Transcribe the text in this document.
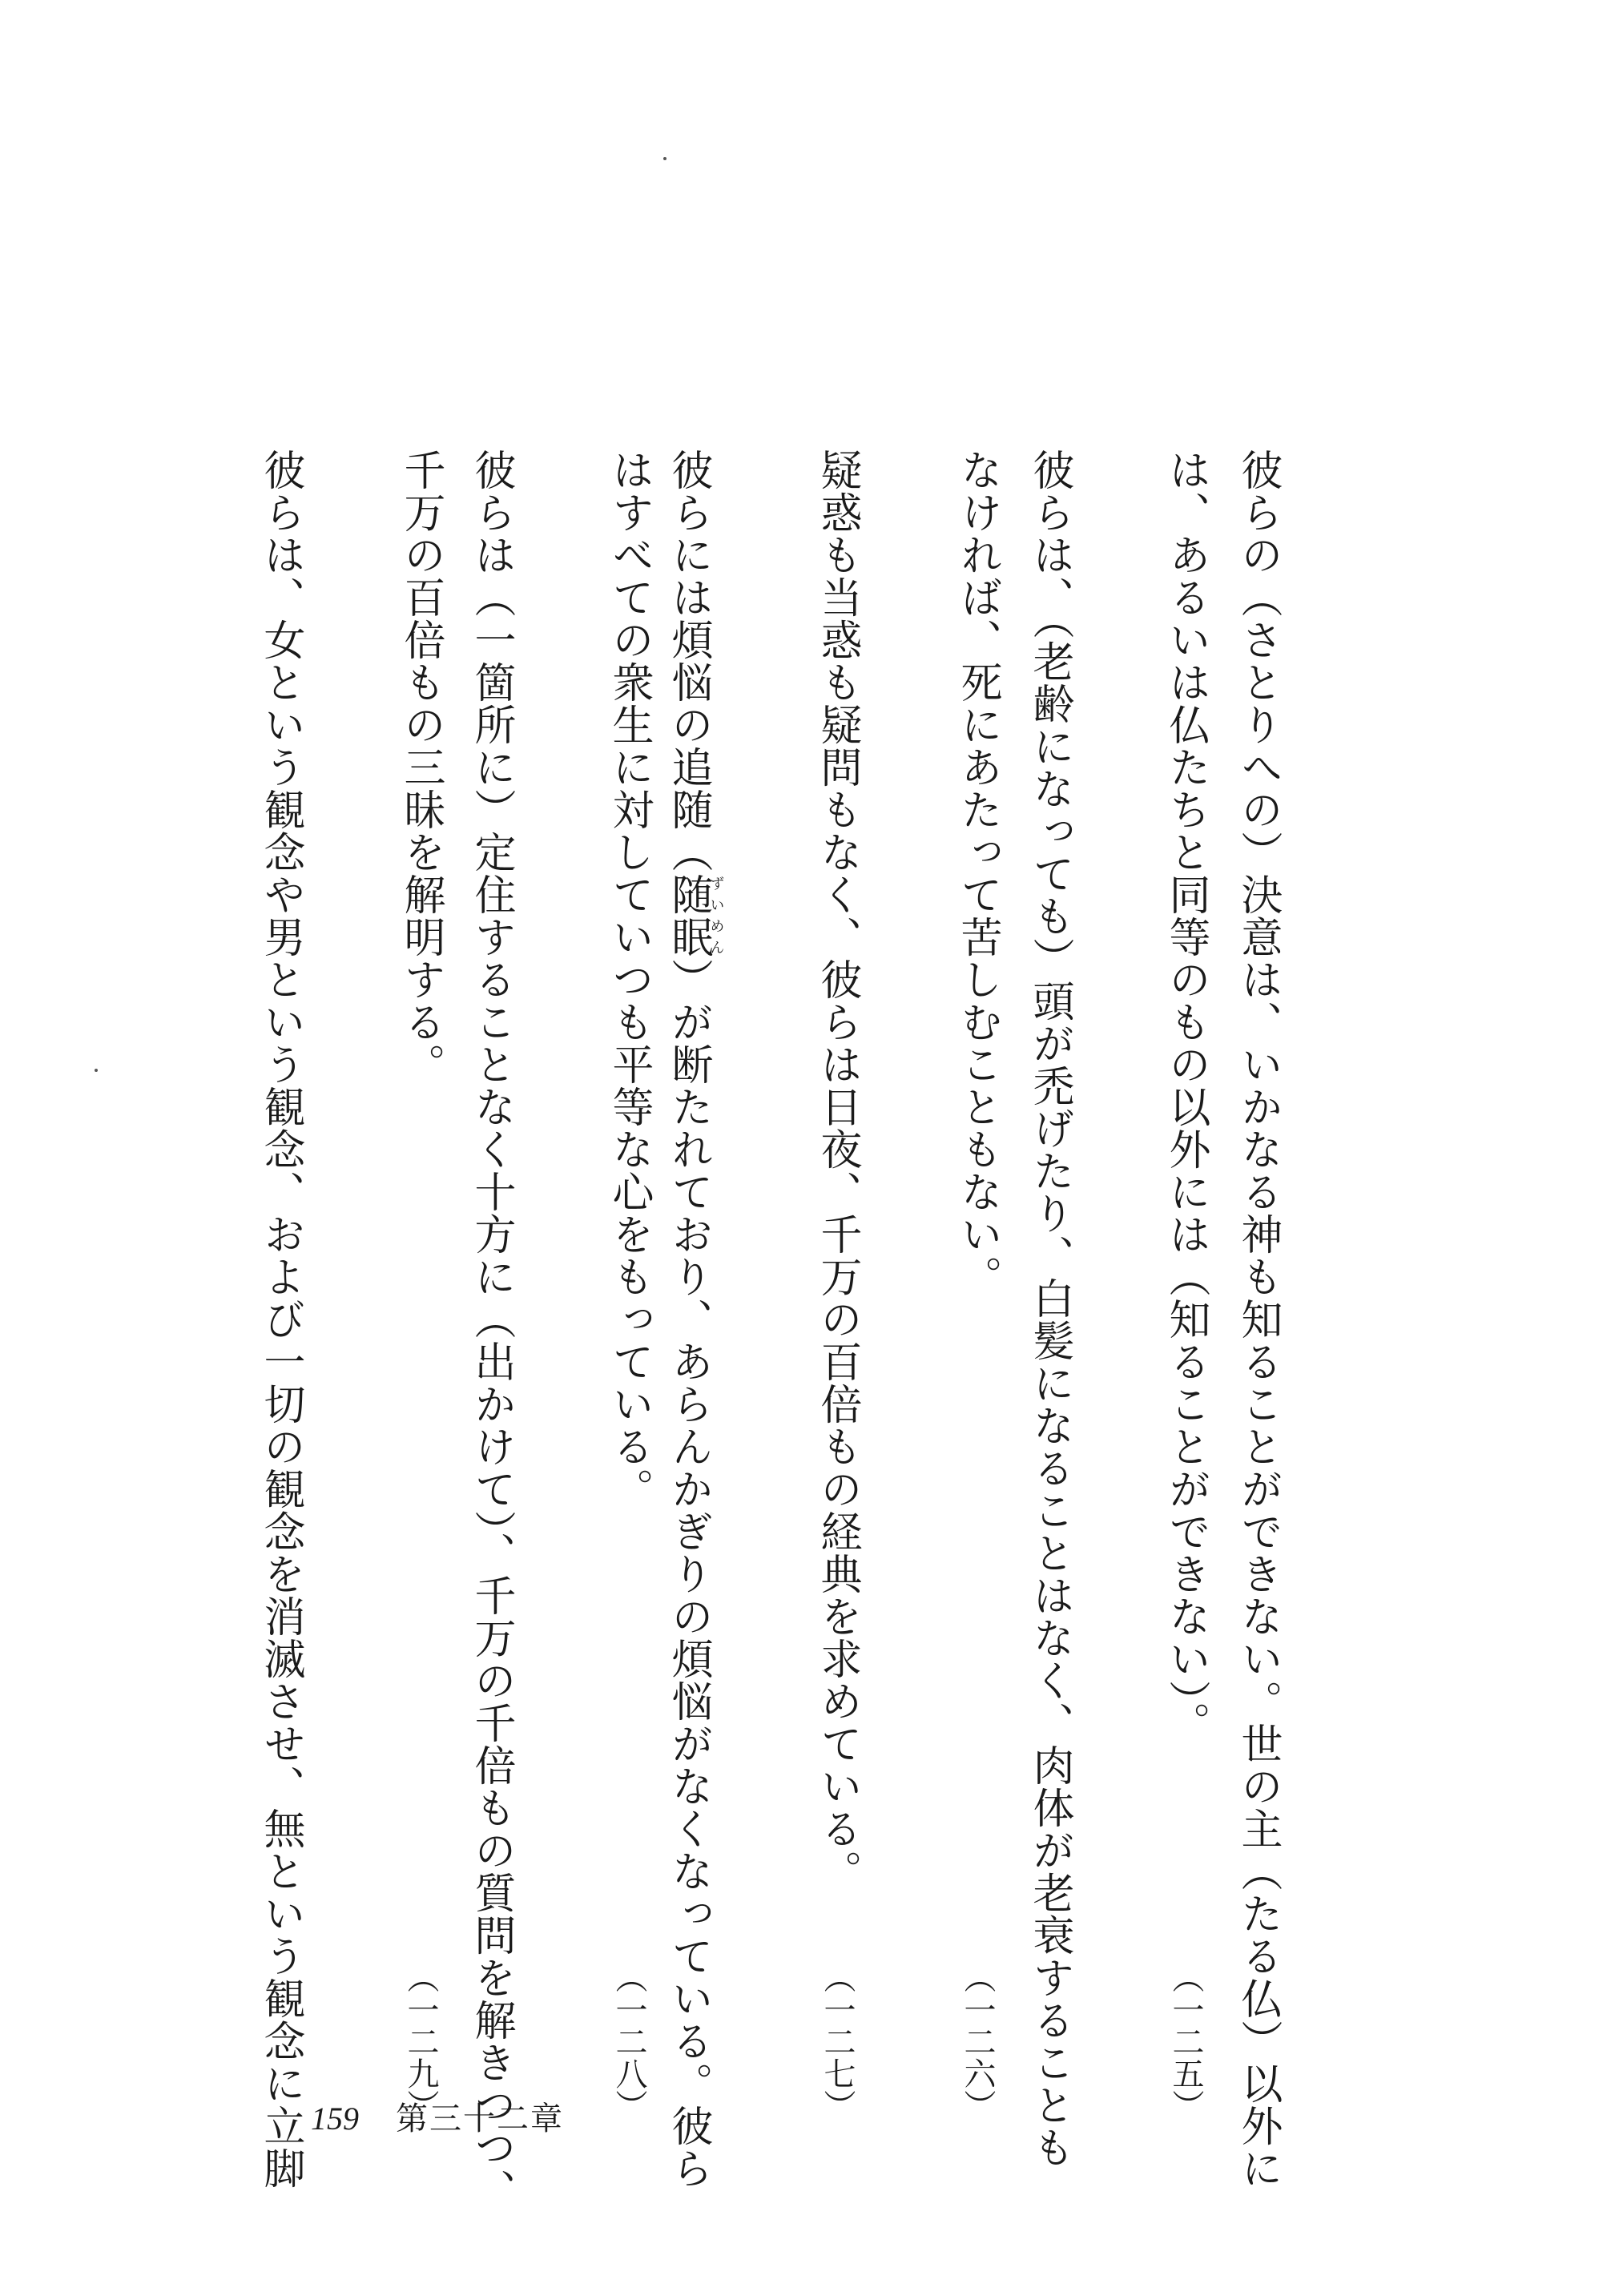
彼らの（さとりへの）決意は、いかなる神も知ることができない。世の主（たる仏）以外に
は、あるいは仏たちと同等のもの以外には（知ることができない）。
（一二五）
彼らは、（老齢になっても）頭が禿げたり、白髪になることはなく、肉体が老衰することも
なければ、死にあたって苦しむこともない。
（一二六）
疑惑も当惑も疑問もなく、彼らは日夜、千万の百倍もの経典を求めている。
（一二七）
彼らには煩悩の追随（随眠ずいめん）が断たれており、あらんかぎりの煩悩がなくなっている。彼ら
はすべての衆生に対していつも平等な心をもっている。
（一二八）
彼らは（一箇所に）定住することなく十方に（出かけて）、千万の千倍もの質問を解きつつ、
千万の百倍もの三昧を解明する。
（一二九）
彼らは、女という観念や男という観念、および一切の観念を消滅させ、無という観念に立脚 159 第三十二章
